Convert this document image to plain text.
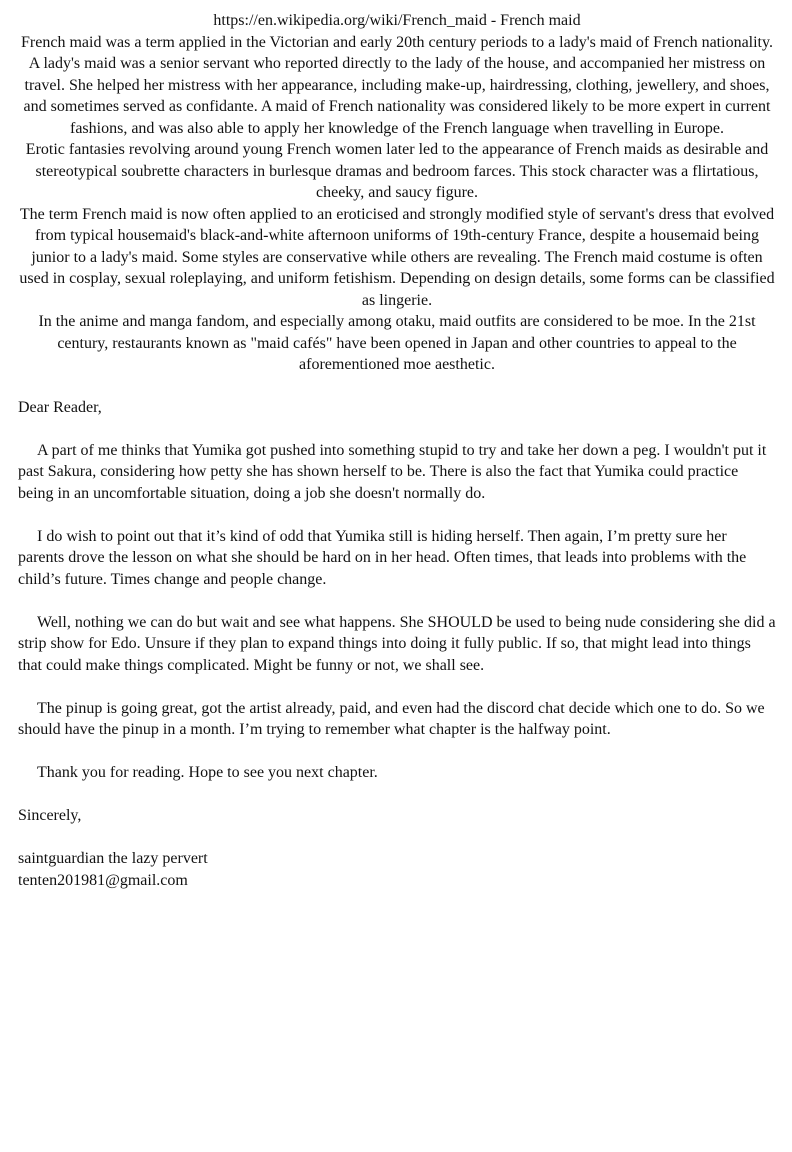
https://en.wikipedia.org/wiki/French_maid - French maid

French maid was a term applied in the Victorian and early 20th century periods to a lady's maid of French nationality. A lady's maid was a senior servant who reported directly to the lady of the house, and accompanied her mistress on travel. She helped her mistress with her appearance, including make-up, hairdressing, clothing, jewellery, and shoes, and sometimes served as confidante. A maid of French nationality was considered likely to be more expert in current fashions, and was also able to apply her knowledge of the French language when travelling in Europe.

Erotic fantasies revolving around young French women later led to the appearance of French maids as desirable and stereotypical soubrette characters in burlesque dramas and bedroom farces. This stock character was a flirtatious, cheeky, and saucy figure.

The term French maid is now often applied to an eroticised and strongly modified style of servant's dress that evolved from typical housemaid's black-and-white afternoon uniforms of 19th-century France, despite a housemaid being junior to a lady's maid. Some styles are conservative while others are revealing. The French maid costume is often used in cosplay, sexual roleplaying, and uniform fetishism. Depending on design details, some forms can be classified as lingerie.

In the anime and manga fandom, and especially among otaku, maid outfits are considered to be moe. In the 21st century, restaurants known as "maid cafés" have been opened in Japan and other countries to appeal to the aforementioned moe aesthetic.

Dear Reader,

A part of me thinks that Yumika got pushed into something stupid to try and take her down a peg. I wouldn't put it past Sakura, considering how petty she has shown herself to be. There is also the fact that Yumika could practice being in an uncomfortable situation, doing a job she doesn't normally do.

I do wish to point out that it’s kind of odd that Yumika still is hiding herself. Then again, I’m pretty sure her parents drove the lesson on what she should be hard on in her head. Often times, that leads into problems with the child’s future. Times change and people change.

Well, nothing we can do but wait and see what happens. She SHOULD be used to being nude considering she did a strip show for Edo. Unsure if they plan to expand things into doing it fully public. If so, that might lead into things that could make things complicated. Might be funny or not, we shall see.

The pinup is going great, got the artist already, paid, and even had the discord chat decide which one to do. So we should have the pinup in a month. I’m trying to remember what chapter is the halfway point.

Thank you for reading. Hope to see you next chapter.

Sincerely,

saintguardian the lazy pervert

tenten201981@gmail.com
